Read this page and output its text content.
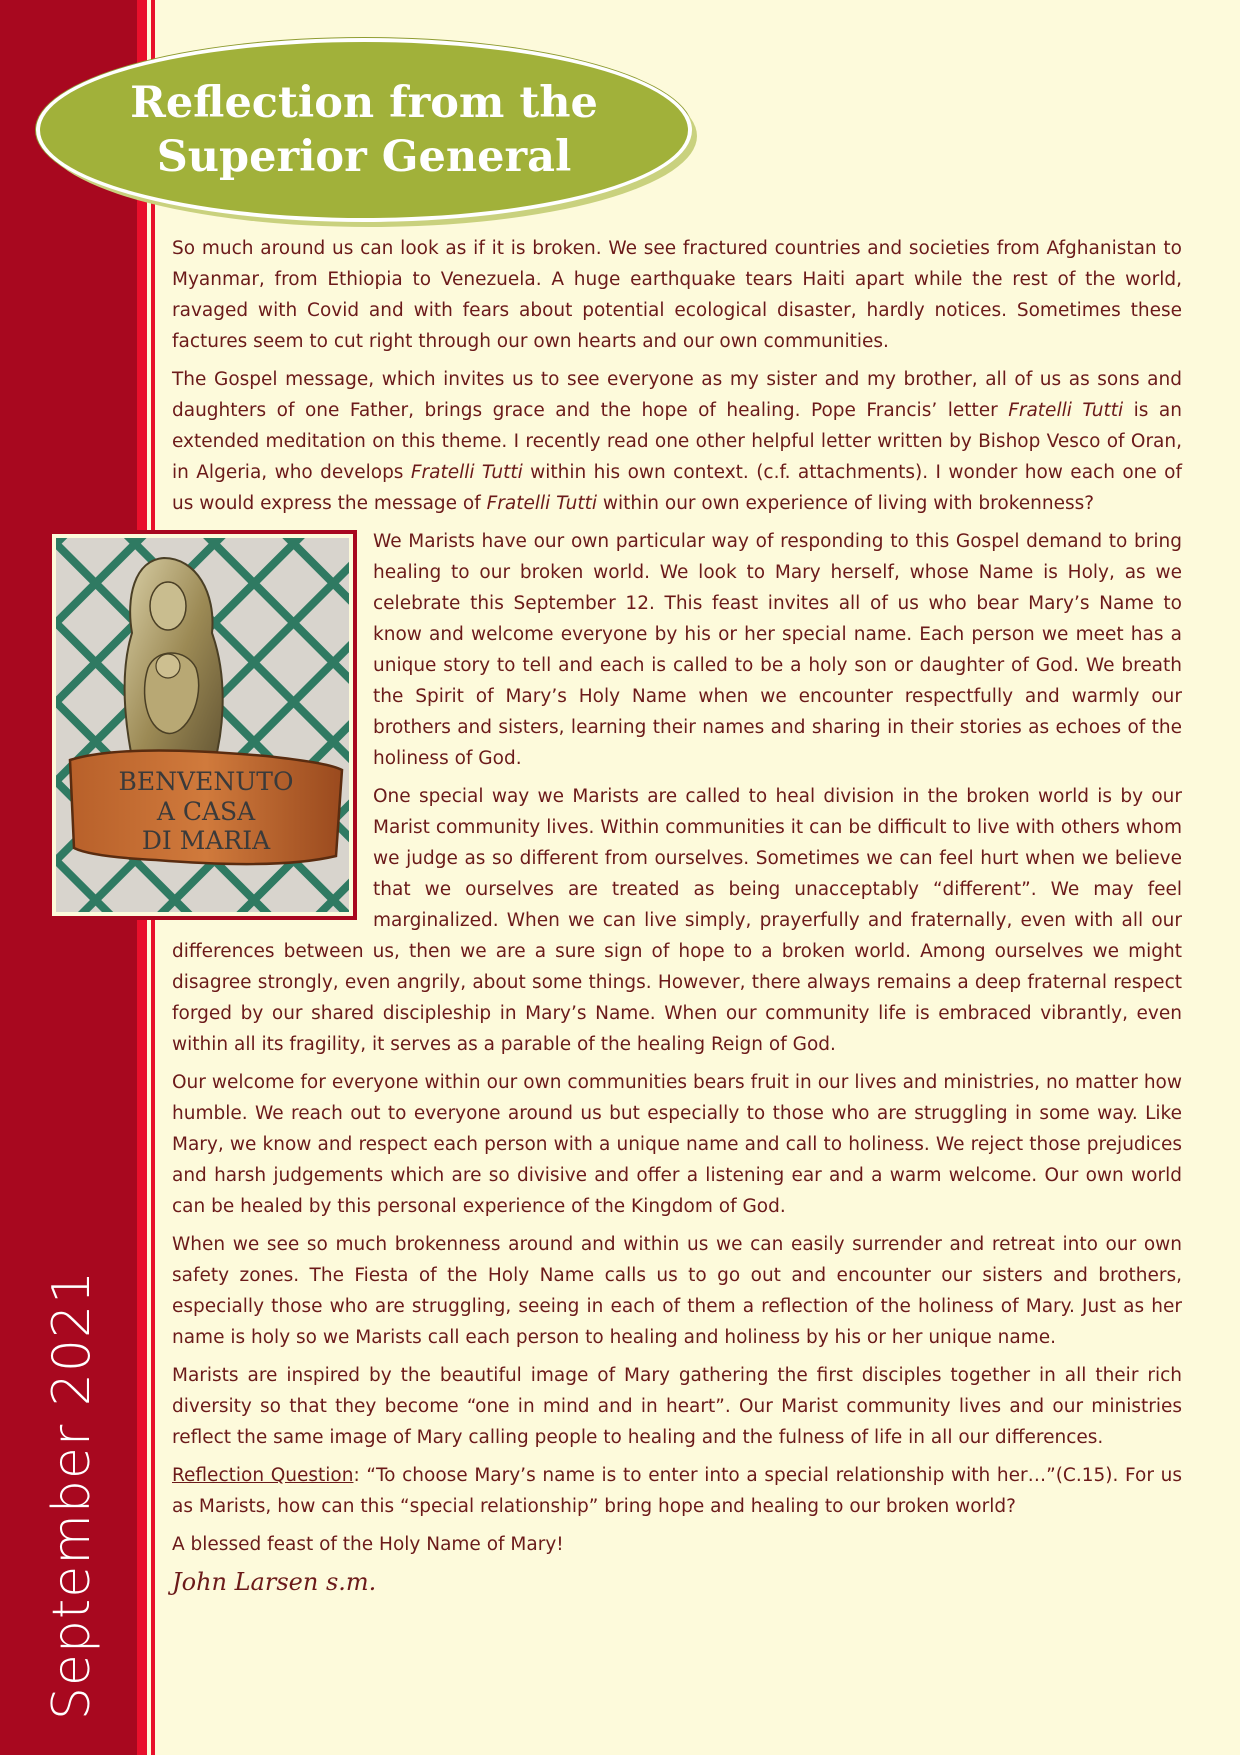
September 2021
Reflection from the
Superior General

So much around us can look as if it is broken. We see fractured countries and societies from Afghanistan to Myanmar, from Ethiopia to Venezuela. A huge earthquake tears Haiti apart while the rest of the world, ravaged with Covid and with fears about potential ecological disaster, hardly notices. Sometimes these factures seem to cut right through our own hearts and our own communities.

The Gospel message, which invites us to see everyone as my sister and my brother, all of us as sons and daughters of one Father, brings grace and the hope of healing. Pope Francis’ letter Fratelli Tutti is an extended meditation on this theme. I recently read one other helpful letter written by Bishop Vesco of Oran, in Algeria, who develops Fratelli Tutti within his own context. (c.f. attachments). I wonder how each one of us would express the message of Fratelli Tutti within our own experience of living with brokenness?

BENVENUTO
A CASA
DI MARIA

We Marists have our own particular way of responding to this Gospel demand to bring healing to our broken world. We look to Mary herself, whose Name is Holy, as we celebrate this September 12. This feast invites all of us who bear Mary’s Name to know and welcome everyone by his or her special name. Each person we meet has a unique story to tell and each is called to be a holy son or daughter of God. We breath the Spirit of Mary’s Holy Name when we encounter respectfully and warmly our brothers and sisters, learning their names and sharing in their stories as echoes of the holiness of God.

One special way we Marists are called to heal division in the broken world is by our Marist community lives. Within communities it can be difficult to live with others whom we judge as so different from ourselves. Sometimes we can feel hurt when we believe that we ourselves are treated as being unacceptably “different”. We may feel marginalized. When we can live simply, prayerfully and fraternally, even with all our differences between us, then we are a sure sign of hope to a broken world. Among ourselves we might disagree strongly, even angrily, about some things. However, there always remains a deep fraternal respect forged by our shared discipleship in Mary’s Name. When our community life is embraced vibrantly, even within all its fragility, it serves as a parable of the healing Reign of God.

Our welcome for everyone within our own communities bears fruit in our lives and ministries, no matter how humble. We reach out to everyone around us but especially to those who are struggling in some way. Like Mary, we know and respect each person with a unique name and call to holiness. We reject those prejudices and harsh judgements which are so divisive and offer a listening ear and a warm welcome. Our own world can be healed by this personal experience of the Kingdom of God.

When we see so much brokenness around and within us we can easily surrender and retreat into our own safety zones. The Fiesta of the Holy Name calls us to go out and encounter our sisters and brothers, especially those who are struggling, seeing in each of them a reflection of the holiness of Mary. Just as her name is holy so we Marists call each person to healing and holiness by his or her unique name.

Marists are inspired by the beautiful image of Mary gathering the first disciples together in all their rich diversity so that they become “one in mind and in heart”. Our Marist community lives and our ministries reflect the same image of Mary calling people to healing and the fulness of life in all our differences.

Reflection Question: “To choose Mary’s name is to enter into a special relationship with her…”(C.15). For us as Marists, how can this “special relationship” bring hope and healing to our broken world?

A blessed feast of the Holy Name of Mary!

John Larsen s.m.
